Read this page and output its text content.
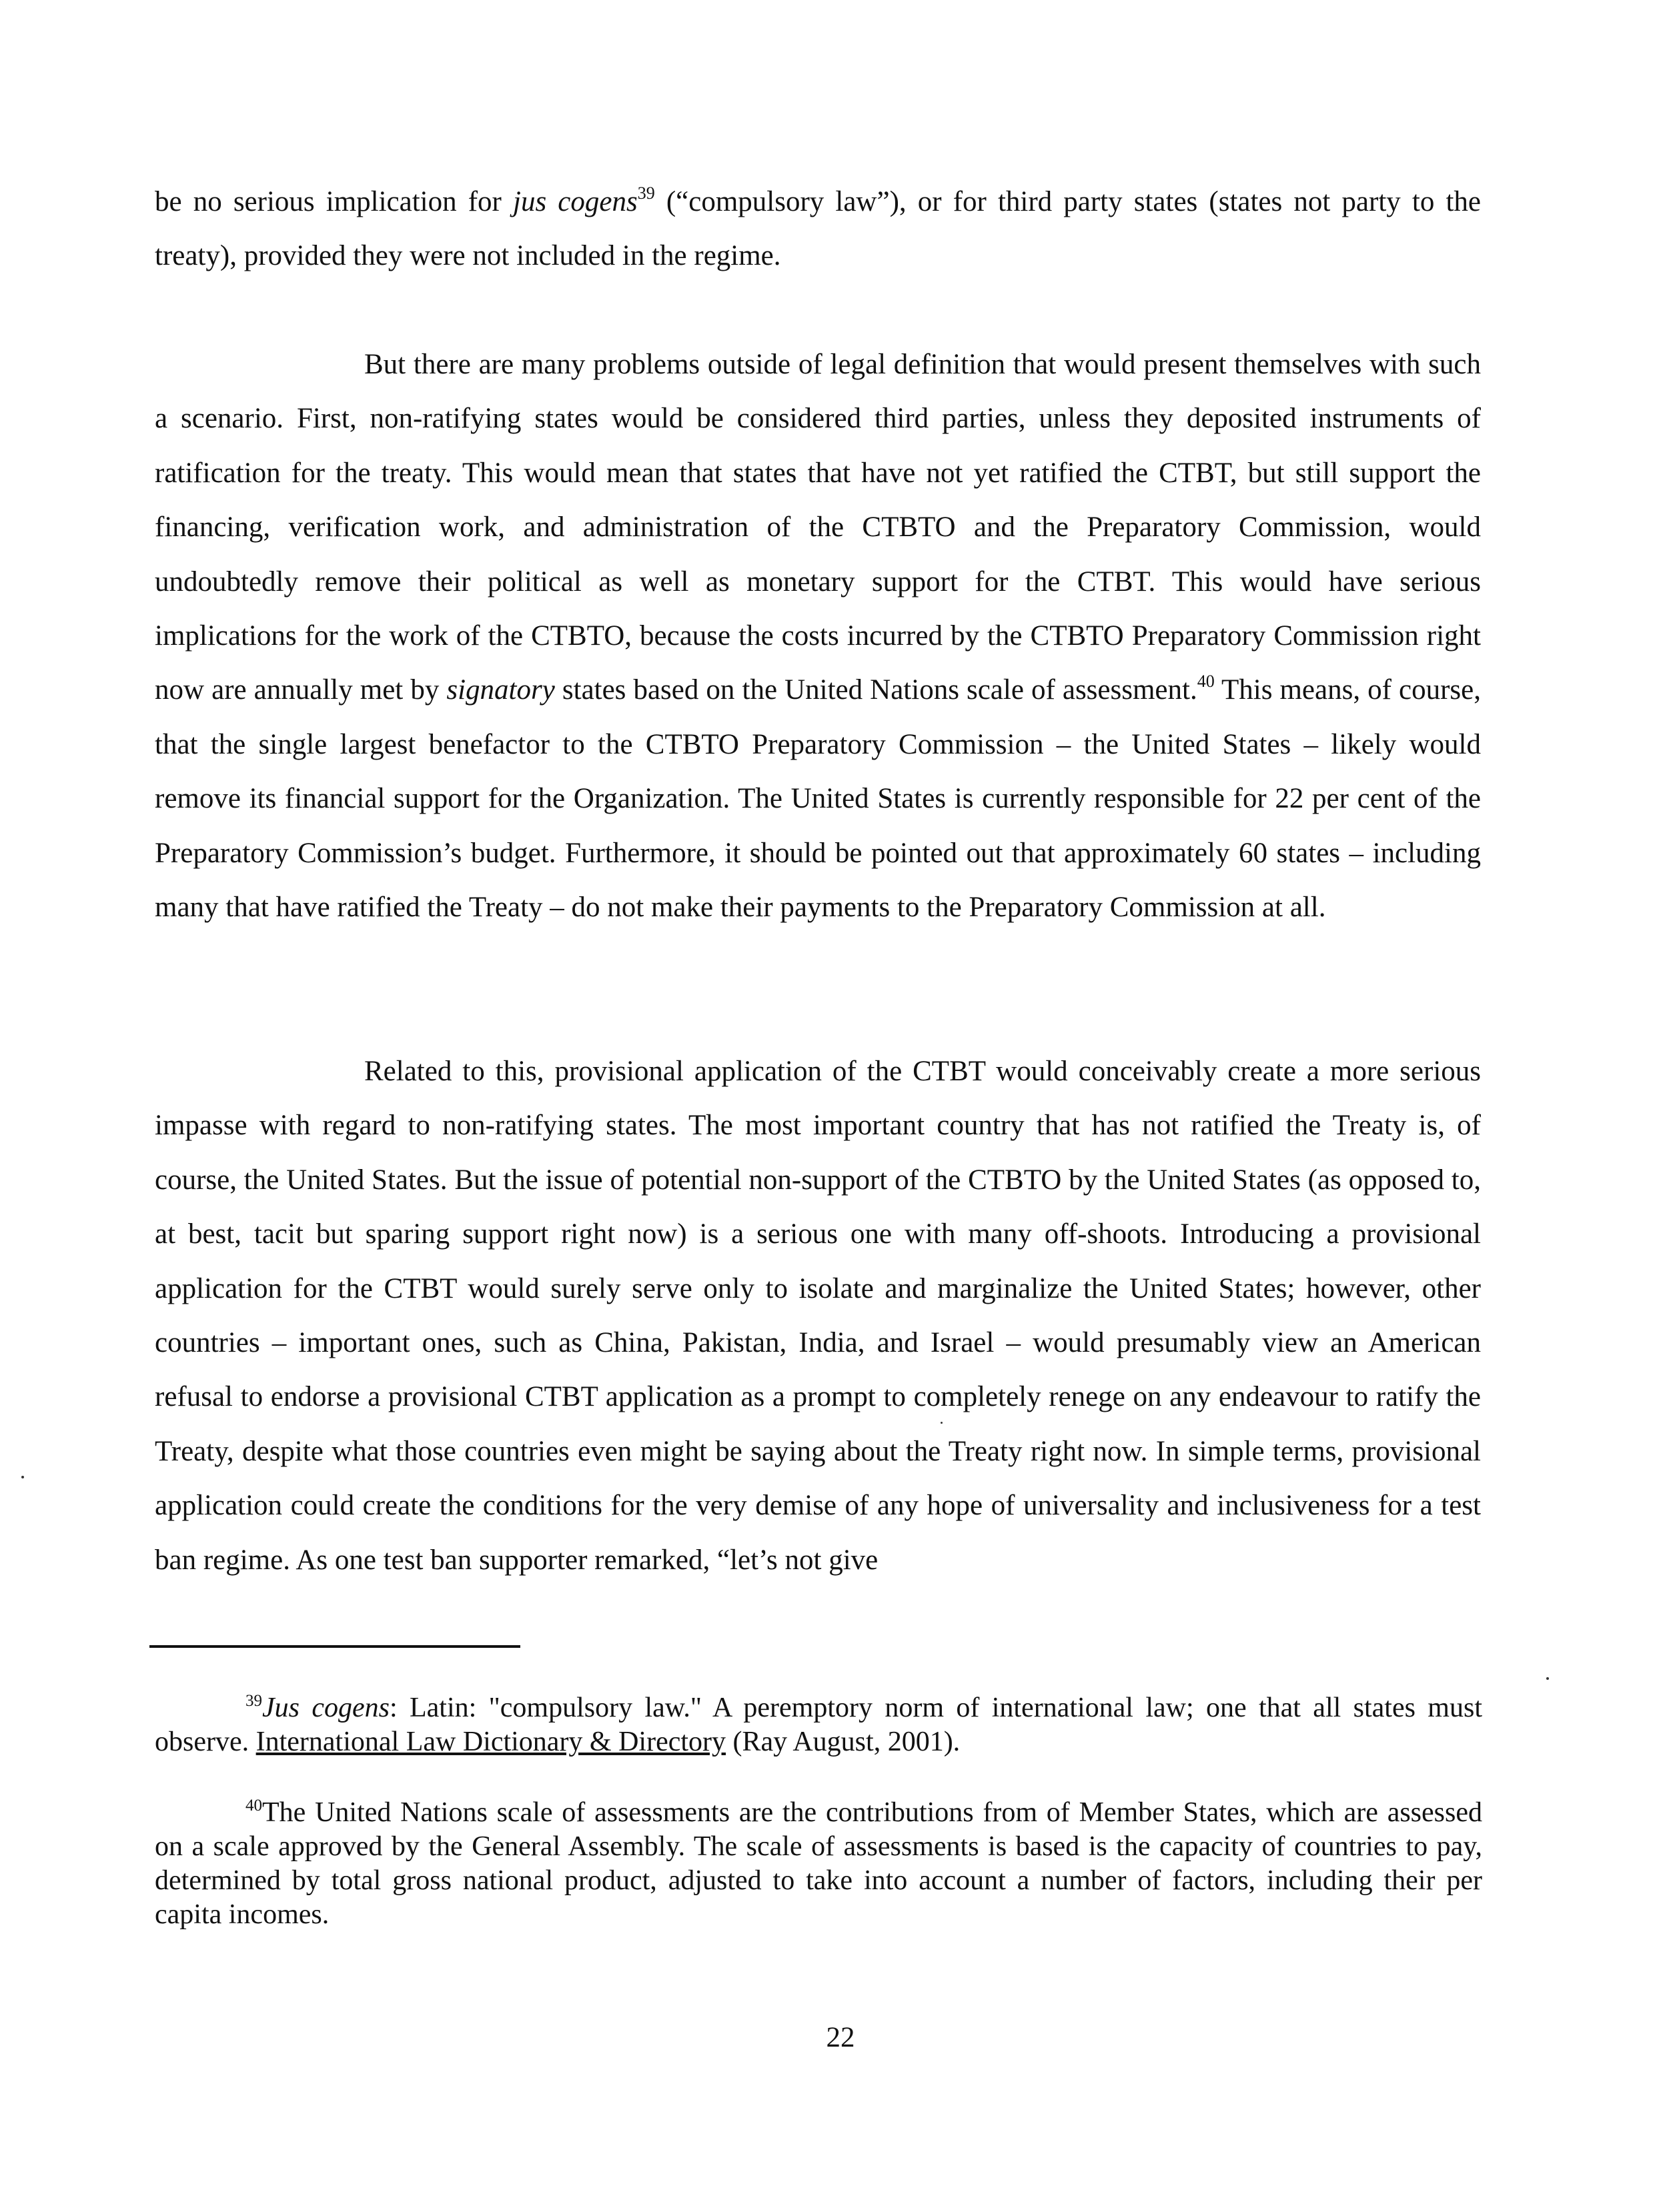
be no serious implication for jus cogens$^{39}$ (“compulsory law”), or for third party states (states not party to the treaty), provided they were not included in the regime.

But there are many problems outside of legal definition that would present themselves with such a scenario. First, non-ratifying states would be considered third parties, unless they deposited instruments of ratification for the treaty. This would mean that states that have not yet ratified the CTBT, but still support the financing, verification work, and administration of the CTBTO and the Preparatory Commission, would undoubtedly remove their political as well as monetary support for the CTBT. This would have serious implications for the work of the CTBTO, because the costs incurred by the CTBTO Preparatory Commission right now are annually met by signatory states based on the United Nations scale of assessment.$^{40}$ This means, of course, that the single largest benefactor to the CTBTO Preparatory Commission – the United States – likely would remove its financial support for the Organization. The United States is currently responsible for 22 per cent of the Preparatory Commission’s budget. Furthermore, it should be pointed out that approximately 60 states – including many that have ratified the Treaty – do not make their payments to the Preparatory Commission at all.

Related to this, provisional application of the CTBT would conceivably create a more serious impasse with regard to non-ratifying states. The most important country that has not ratified the Treaty is, of course, the United States. But the issue of potential non-support of the CTBTO by the United States (as opposed to, at best, tacit but sparing support right now) is a serious one with many off-shoots. Introducing a provisional application for the CTBT would surely serve only to isolate and marginalize the United States; however, other countries – important ones, such as China, Pakistan, India, and Israel – would presumably view an American refusal to endorse a provisional CTBT application as a prompt to completely renege on any endeavour to ratify the Treaty, despite what those countries even might be saying about the Treaty right now. In simple terms, provisional application could create the conditions for the very demise of any hope of universality and inclusiveness for a test ban regime. As one test ban supporter remarked, “let’s not give

$^{39}$Jus cogens: Latin: "compulsory law." A peremptory norm of international law; one that all states must observe. International Law Dictionary & Directory (Ray August, 2001).
$^{40}$The United Nations scale of assessments are the contributions from of Member States, which are assessed on a scale approved by the General Assembly. The scale of assessments is based is the capacity of countries to pay, determined by total gross national product, adjusted to take into account a number of factors, including their per capita incomes.
22
